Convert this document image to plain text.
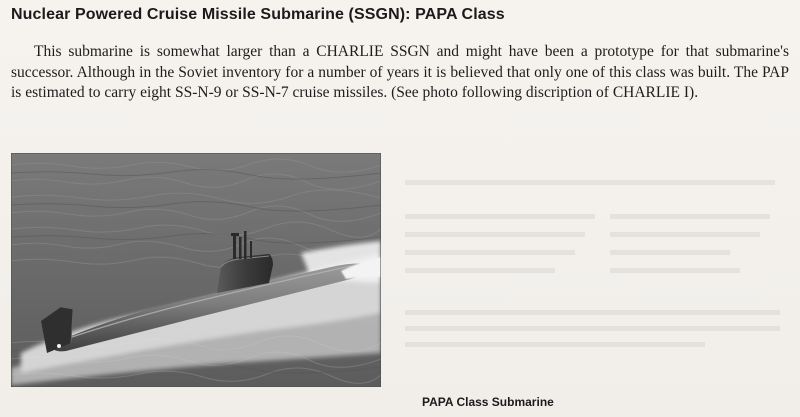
Nuclear Powered Cruise Missile Submarine (SSGN): PAPA Class
This submarine is somewhat larger than a CHARLIE SSGN and might have been a prototype for that submarine's successor. Although in the Soviet inventory for a number of years it is believed that only one of this class was built. The PAP is estimated to carry eight SS-N-9 or SS-N-7 cruise missiles. (See photo following discription of CHARLIE I).
PAPA Class Submarine
